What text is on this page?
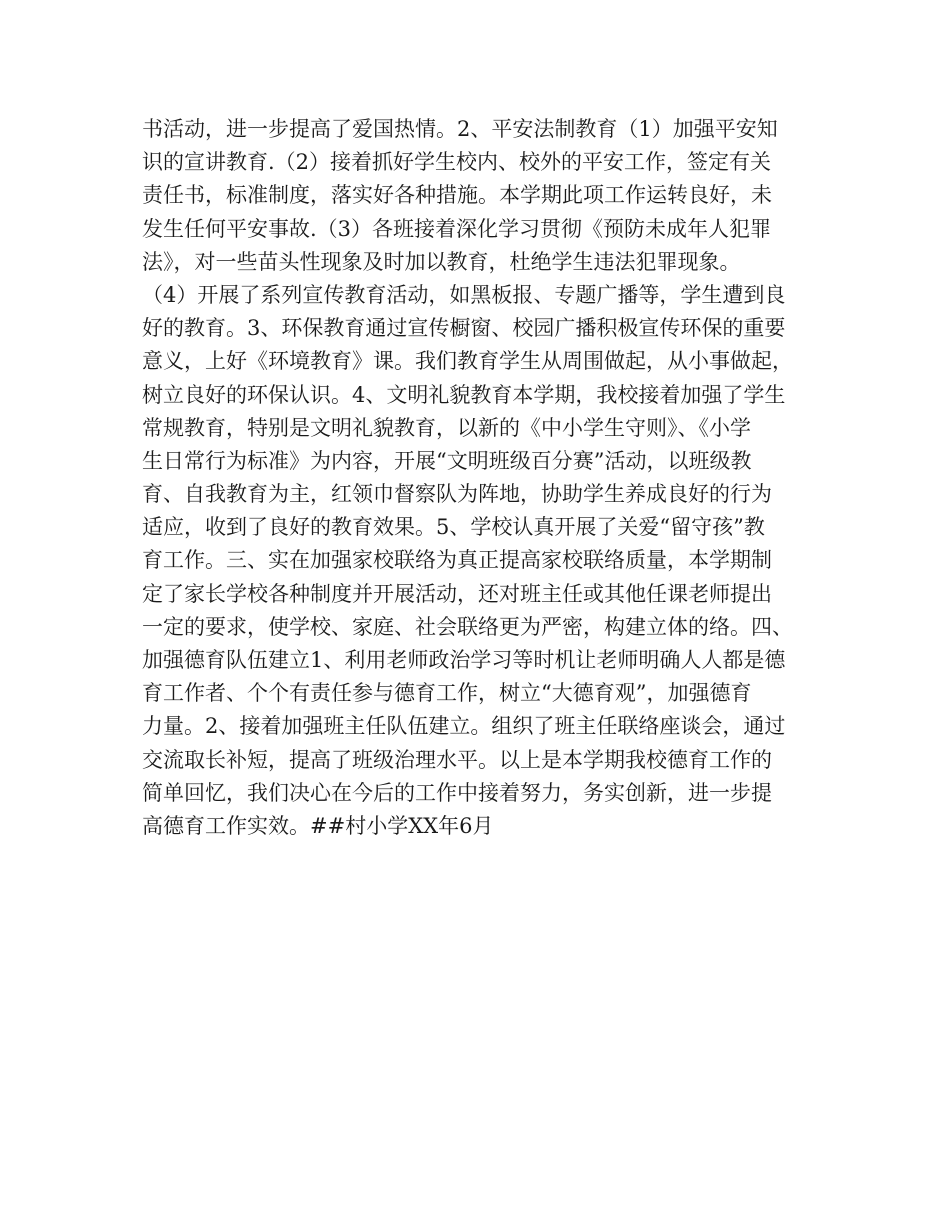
书活动，进一步提高了爱国热情。2、平安法制教育（1）加强平安知
识的宣讲教育.（2）接着抓好学生校内、校外的平安工作，签定有关
责任书，标准制度，落实好各种措施。本学期此项工作运转良好，未
发生任何平安事故.（3）各班接着深化学习贯彻《预防未成年人犯罪
法》，对一些苗头性现象及时加以教育，杜绝学生违法犯罪现象。
（4）开展了系列宣传教育活动，如黑板报、专题广播等，学生遭到良
好的教育。3、环保教育通过宣传橱窗、校园广播积极宣传环保的重要
意义，上好《环境教育》课。我们教育学生从周围做起，从小事做起，
树立良好的环保认识。4、文明礼貌教育本学期，我校接着加强了学生
常规教育，特别是文明礼貌教育，以新的《中小学生守则》、《小学
生日常行为标准》为内容，开展“文明班级百分赛”活动，以班级教
育、自我教育为主，红领巾督察队为阵地，协助学生养成良好的行为
适应，收到了良好的教育效果。5、学校认真开展了关爱“留守孩”教
育工作。三、实在加强家校联络为真正提高家校联络质量，本学期制
定了家长学校各种制度并开展活动，还对班主任或其他任课老师提出
一定的要求，使学校、家庭、社会联络更为严密，构建立体的络。四、
加强德育队伍建立1、利用老师政治学习等时机让老师明确人人都是德
育工作者、个个有责任参与德育工作，树立“大德育观”，加强德育
力量。2、接着加强班主任队伍建立。组织了班主任联络座谈会，通过
交流取长补短，提高了班级治理水平。以上是本学期我校德育工作的
简单回忆，我们决心在今后的工作中接着努力，务实创新，进一步提
高德育工作实效。##村小学XX年6月
